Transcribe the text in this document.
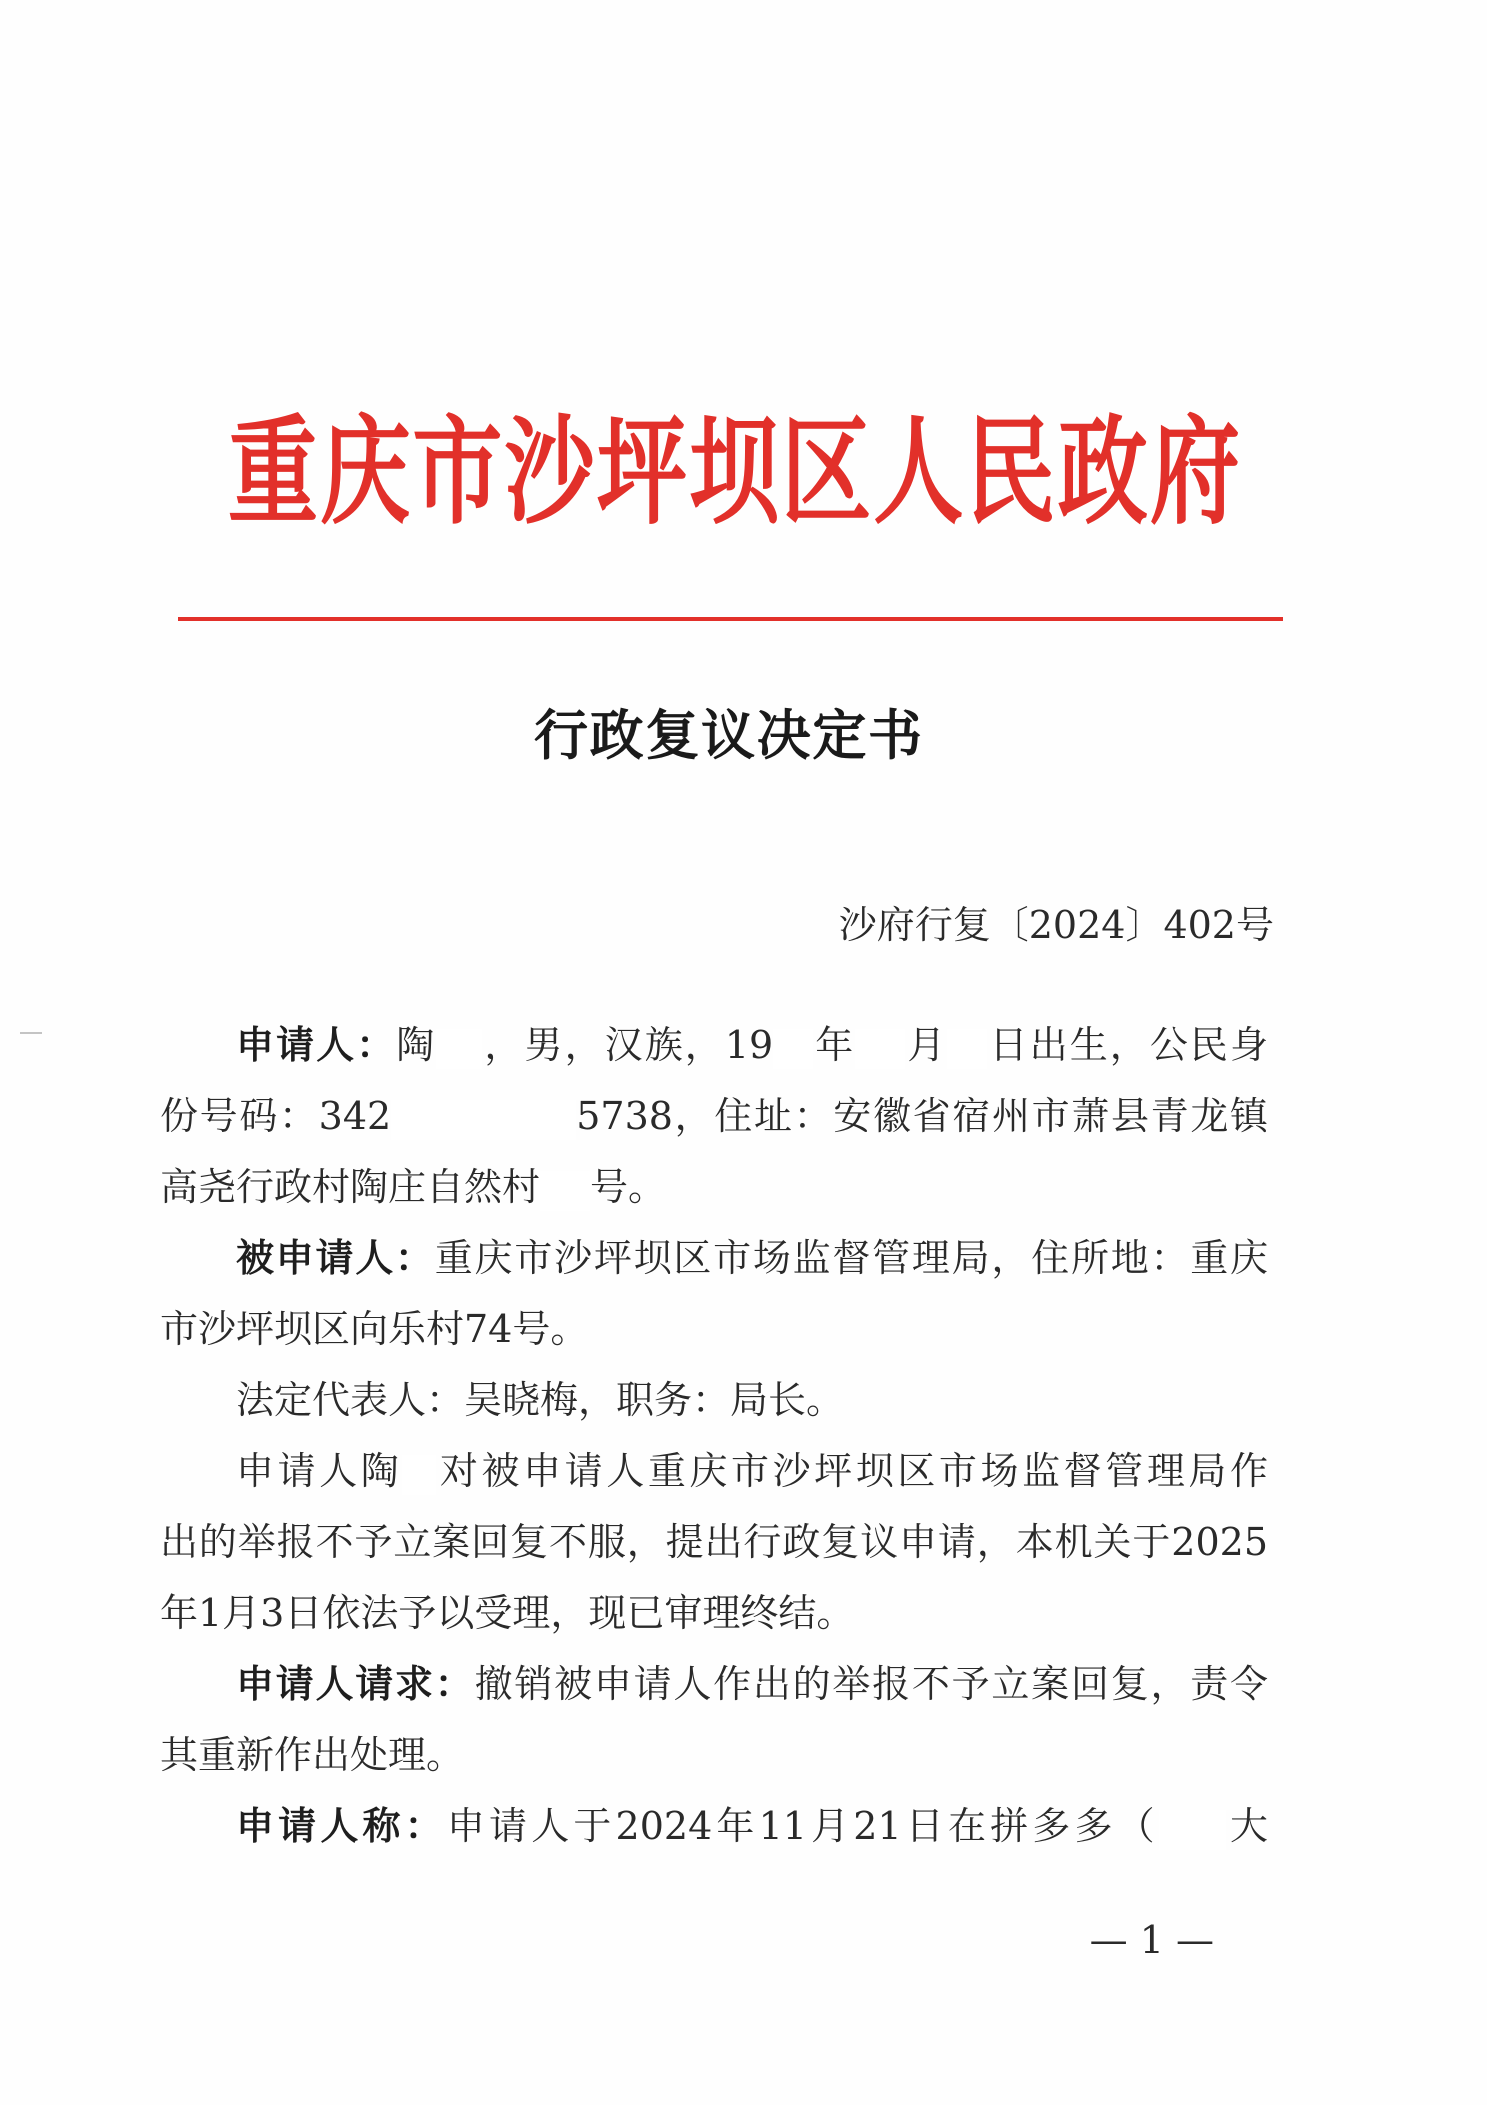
重庆市沙坪坝区人民政府
行政复议决定书
沙府行复〔2024〕402号
申请人：陶 ，男，汉族，19 年 月 日出生，公民身
份号码：342	5738，住址：安徽省宿州市萧县青龙镇
高尧行政村陶庄自然村 号。
被申请人：重庆市沙坪坝区市场监督管理局，住所地：重庆
市沙坪坝区向乐村74号。
法定代表人：吴晓梅，职务：局长。
申请人陶 对被申请人重庆市沙坪坝区市场监督管理局作
出的举报不予立案回复不服，提出行政复议申请，本机关于2025
年1月3日依法予以受理，现已审理终结。
申请人请求：撤销被申请人作出的举报不予立案回复，责令
其重新作出处理。
申请人称：申请人于2024年11月21日在拼多多（ 大
— 1 —
